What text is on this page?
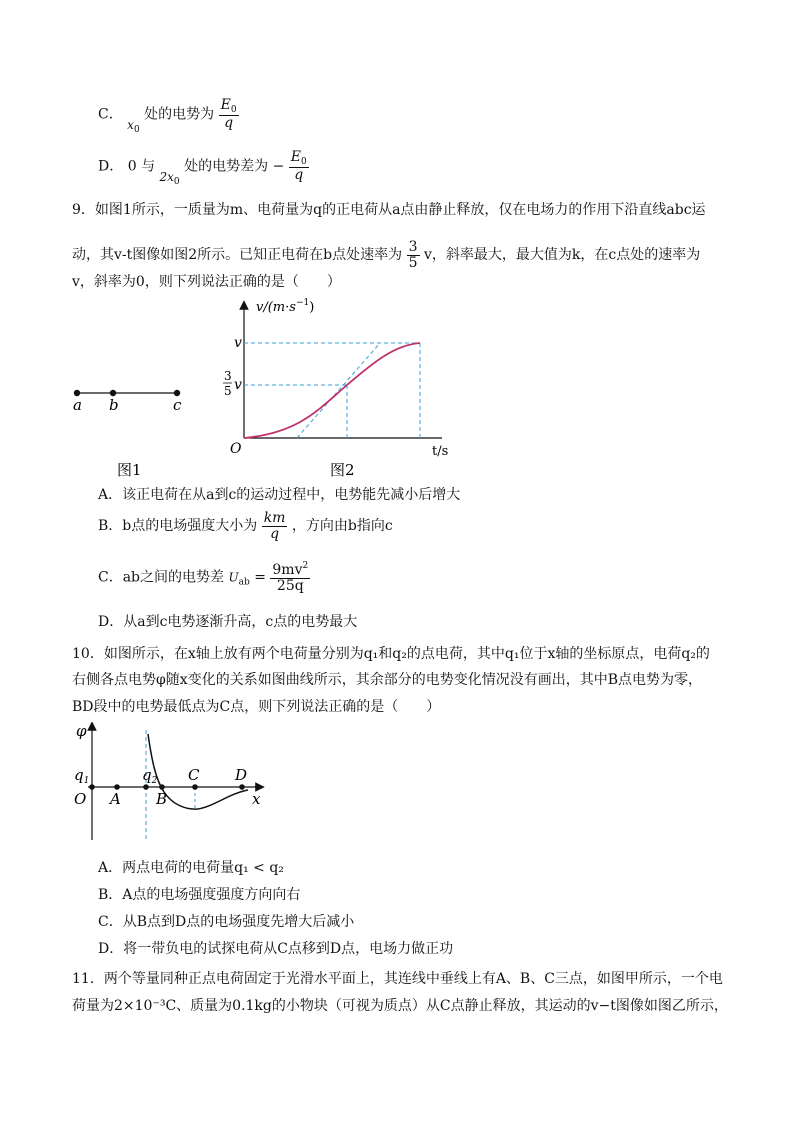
C． $x_0$ 处的电势为 $\frac{E_0}{q}$
D． 0 与 $2x_0$ 处的电势差为 − $\frac{E_0}{q}$
9．如图1所示，一质量为m、电荷量为q的正电荷从a点由静止释放，仅在电场力的作用下沿直线abc运
动，其v-t图像如图2所示。已知正电荷在b点处速率为 $\frac{3}{5}$ v，斜率最大，最大值为k，在c点处的速率为
v，斜率为0，则下列说法正确的是（　　）
a b	c
图1
$v/(m\cdot s^{-1})$
v
3
5 v
O	t/s
图2
A．该正电荷在从a到c的运动过程中，电势能先减小后增大
B．b点的电场强度大小为 $\frac{km}{q}$ ，方向由b指向c
C．ab之间的电势差 $U_{ab} = \frac{9mv^2}{25q}$
D．从a到c电势逐渐升高，c点的电势最大
10．如图所示，在x轴上放有两个电荷量分别为q₁和q₂的点电荷，其中q₁位于x轴的坐标原点，电荷q₂的
右侧各点电势φ随x变化的关系如图曲线所示，其余部分的电势变化情况没有画出，其中B点电势为零，
BD段中的电势最低点为C点，则下列说法正确的是（　　）
φ
$q_1$	$q_2$ C D
O A B	x
A．两点电荷的电荷量q₁ < q₂
B．A点的电场强度强度方向向右
C．从B点到D点的电场强度先增大后减小
D．将一带负电的试探电荷从C点移到D点，电场力做正功
11．两个等量同种正点电荷固定于光滑水平面上，其连线中垂线上有A、B、C三点，如图甲所示，一个电
荷量为2×10⁻³C、质量为0.1kg的小物块（可视为质点）从C点静止释放，其运动的v−t图像如图乙所示，
